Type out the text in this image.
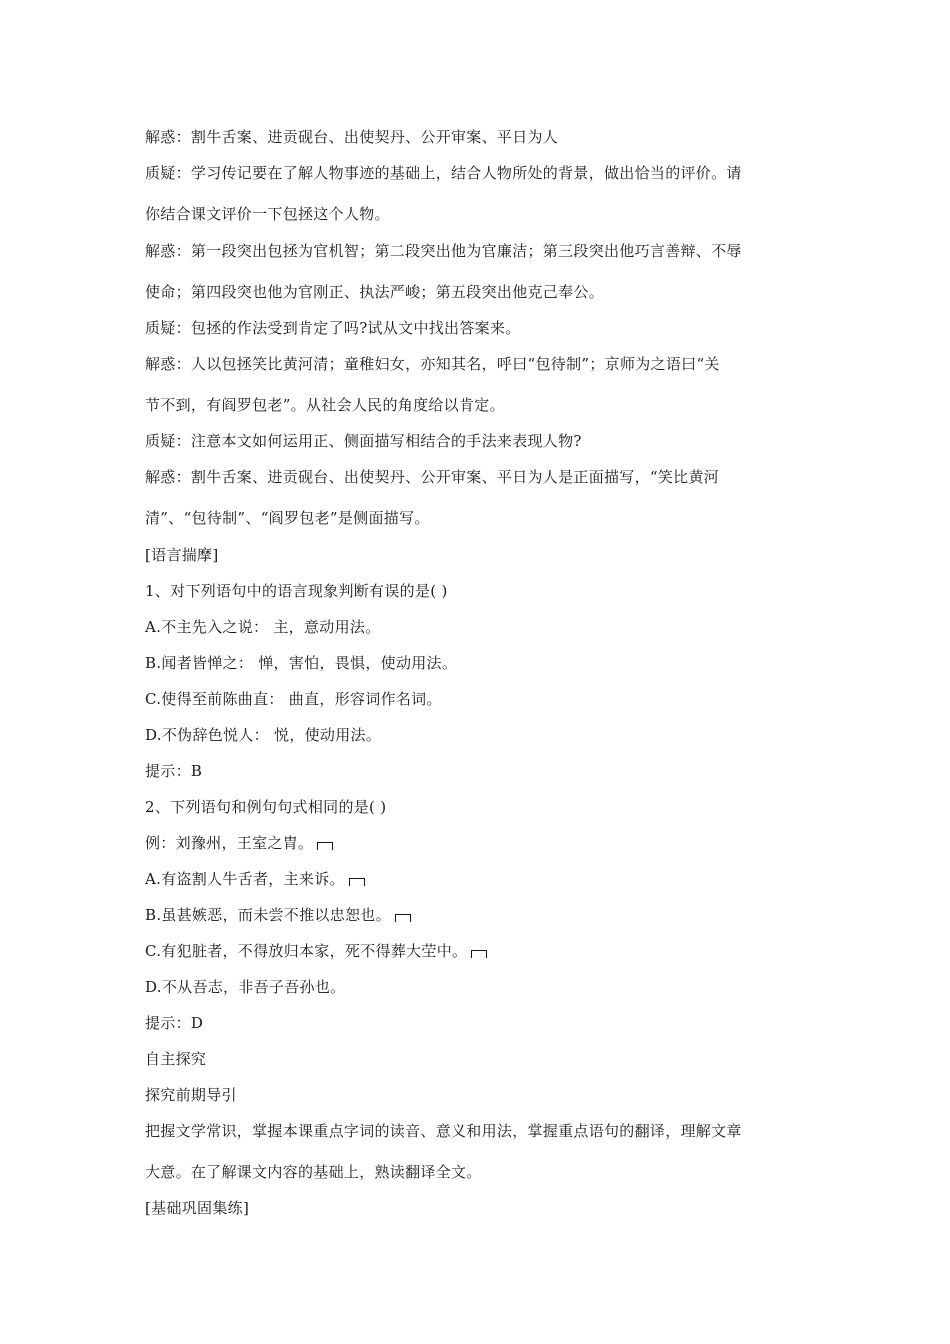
解惑：割牛舌案、进贡砚台、出使契丹、公开审案、平日为人
质疑：学习传记要在了解人物事迹的基础上，结合人物所处的背景，做出恰当的评价。请
你结合课文评价一下包拯这个人物。
解惑：第一段突出包拯为官机智；第二段突出他为官廉洁；第三段突出他巧言善辩、不辱
使命；第四段突也他为官刚正、执法严峻；第五段突出他克己奉公。
质疑：包拯的作法受到肯定了吗?试从文中找出答案来。
解惑：人以包拯笑比黄河清；童稚妇女，亦知其名，呼曰“包待制”；京师为之语曰“关
节不到，有阎罗包老”。从社会人民的角度给以肯定。
质疑：注意本文如何运用正、侧面描写相结合的手法来表现人物?
解惑：割牛舌案、进贡砚台、出使契丹、公开审案、平日为人是正面描写，“笑比黄河
清”、“包待制”、“阎罗包老”是侧面描写。
[语言揣摩]
1、对下列语句中的语言现象判断有误的是( )
A.不主先入之说： 主，意动用法。
B.闻者皆惮之： 惮，害怕，畏惧，使动用法。
C.使得至前陈曲直： 曲直，形容词作名词。
D.不伪辞色悦人： 悦，使动用法。
提示：B
2、下列语句和例句句式相同的是( )
例：刘豫州，王室之胄。
A.有盗割人牛舌者，主来诉。
B.虽甚嫉恶，而未尝不推以忠恕也。
C.有犯脏者，不得放归本家，死不得葬大茔中。
D.不从吾志，非吾子吾孙也。
提示：D
自主探究
探究前期导引
把握文学常识，掌握本课重点字词的读音、意义和用法，掌握重点语句的翻译，理解文章
大意。在了解课文内容的基础上，熟读翻译全文。
[基础巩固集练]
